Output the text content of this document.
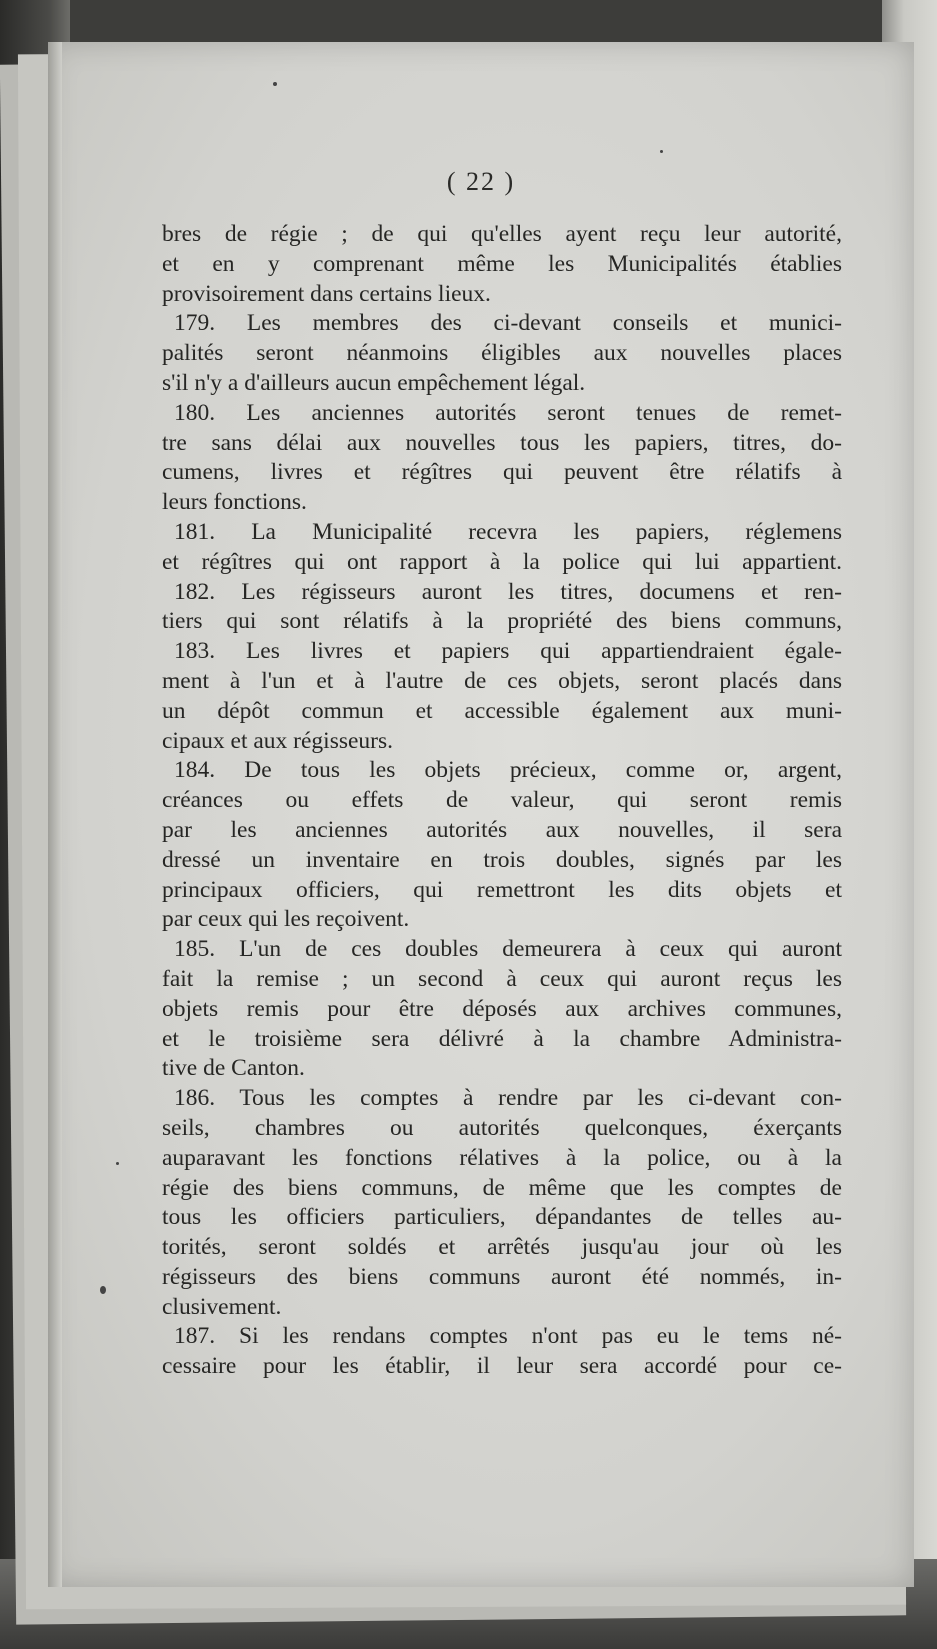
( 22 )
bres de régie ; de qui qu'elles ayent reçu leur autorité,
et en y comprenant même les Municipalités établies
provisoirement dans certains lieux.
179. Les membres des ci-devant conseils et munici-
palités seront néanmoins éligibles aux nouvelles places
s'il n'y a d'ailleurs aucun empêchement légal.
180. Les anciennes autorités seront tenues de remet-
tre sans délai aux nouvelles tous les papiers, titres, do-
cumens, livres et régîtres qui peuvent être rélatifs à
leurs fonctions.
181. La Municipalité recevra les papiers, réglemens
et régîtres qui ont rapport à la police qui lui appartient.
182. Les régisseurs auront les titres, documens et ren-
tiers qui sont rélatifs à la propriété des biens communs,
183. Les livres et papiers qui appartiendraient égale-
ment à l'un et à l'autre de ces objets, seront placés dans
un dépôt commun et accessible également aux muni-
cipaux et aux régisseurs.
184. De tous les objets précieux, comme or, argent,
créances ou effets de valeur, qui seront remis
par les anciennes autorités aux nouvelles, il sera
dressé un inventaire en trois doubles, signés par les
principaux officiers, qui remettront les dits objets et
par ceux qui les reçoivent.
185. L'un de ces doubles demeurera à ceux qui auront
fait la remise ; un second à ceux qui auront reçus les
objets remis pour être déposés aux archives communes,
et le troisième sera délivré à la chambre Administra-
tive de Canton.
186. Tous les comptes à rendre par les ci-devant con-
seils, chambres ou autorités quelconques, éxerçants
auparavant les fonctions rélatives à la police, ou à la
régie des biens communs, de même que les comptes de
tous les officiers particuliers, dépandantes de telles au-
torités, seront soldés et arrêtés jusqu'au jour où les
régisseurs des biens communs auront été nommés, in-
clusivement.
187. Si les rendans comptes n'ont pas eu le tems né-
cessaire pour les établir, il leur sera accordé pour ce-
